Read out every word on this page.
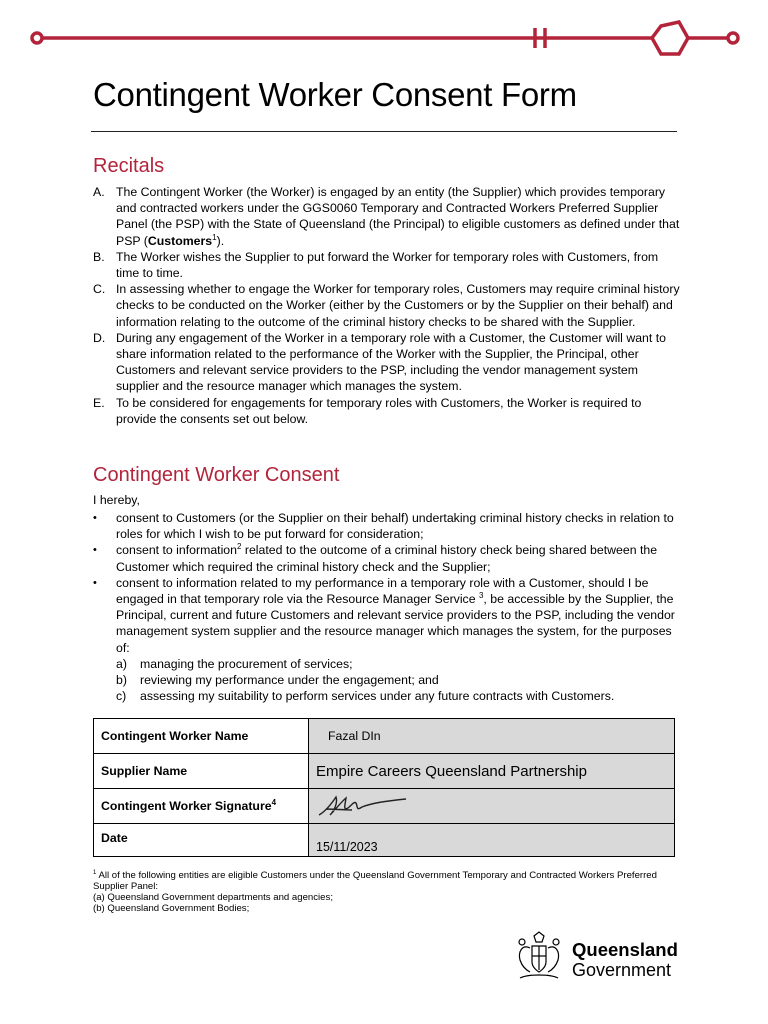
Contingent Worker Consent Form
Recitals
A. The Contingent Worker (the Worker) is engaged by an entity (the Supplier) which provides temporary and contracted workers under the GGS0060 Temporary and Contracted Workers Preferred Supplier Panel (the PSP) with the State of Queensland (the Principal) to eligible customers as defined under that PSP (Customers$^1$).
B. The Worker wishes the Supplier to put forward the Worker for temporary roles with Customers, from time to time.
C. In assessing whether to engage the Worker for temporary roles, Customers may require criminal history checks to be conducted on the Worker (either by the Customers or by the Supplier on their behalf) and information relating to the outcome of the criminal history checks to be shared with the Supplier.
D. During any engagement of the Worker in a temporary role with a Customer, the Customer will want to share information related to the performance of the Worker with the Supplier, the Principal, other Customers and relevant service providers to the PSP, including the vendor management system supplier and the resource manager which manages the system.
E. To be considered for engagements for temporary roles with Customers, the Worker is required to provide the consents set out below.
Contingent Worker Consent

I hereby,

• consent to Customers (or the Supplier on their behalf) undertaking criminal history checks in relation to roles for which I wish to be put forward for consideration;
• consent to information$^2$ related to the outcome of a criminal history check being shared between the Customer which required the criminal history check and the Supplier;
• consent to information related to my performance in a temporary role with a Customer, should I be engaged in that temporary role via the Resource Manager Service $^3$, be accessible by the Supplier, the Principal, current and future Customers and relevant service providers to the PSP, including the vendor management system supplier and the resource manager which manages the system, for the purposes of:
a) managing the procurement of services;
b) reviewing my performance under the engagement; and
c) assessing my suitability to perform services under any future contracts with Customers.
Contingent Worker Name	Fazal DIn
Supplier Name	Empire Careers Queensland Partnership
Contingent Worker Signature$^4$	

Date	15/11/2023

$^1$ All of the following entities are eligible Customers under the Queensland Government Temporary and Contracted Workers Preferred Supplier Panel:

(a) Queensland Government departments and agencies;

(b) Queensland Government Bodies;

Queensland
Government
